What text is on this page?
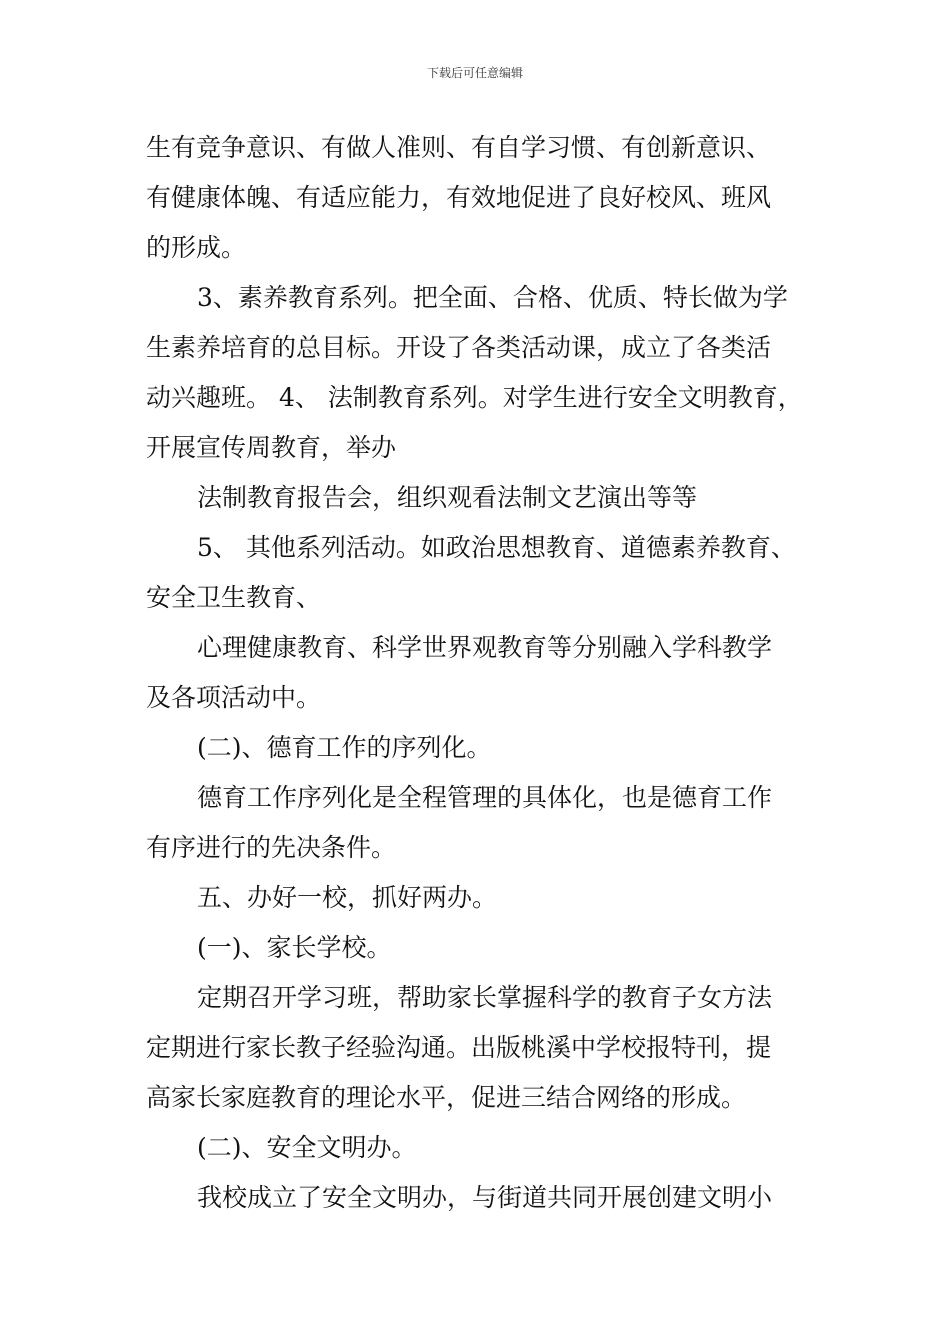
下载后可任意编辑
生有竞争意识、有做人准则、有自学习惯、有创新意识、
有健康体魄、有适应能力，有效地促进了良好校风、班风
的形成。
3、素养教育系列。把全面、合格、优质、特长做为学
生素养培育的总目标。开设了各类活动课，成立了各类活
动兴趣班。 4、 法制教育系列。对学生进行安全文明教育，
开展宣传周教育，举办
法制教育报告会，组织观看法制文艺演出等等
5、 其他系列活动。如政治思想教育、道德素养教育、
安全卫生教育、
心理健康教育、科学世界观教育等分别融入学科教学
及各项活动中。
(二)、德育工作的序列化。
德育工作序列化是全程管理的具体化，也是德育工作
有序进行的先决条件。
五、办好一校，抓好两办。
(一)、家长学校。
定期召开学习班，帮助家长掌握科学的教育子女方法
定期进行家长教子经验沟通。出版桃溪中学校报特刊，提
高家长家庭教育的理论水平，促进三结合网络的形成。
(二)、安全文明办。
我校成立了安全文明办，与街道共同开展创建文明小
